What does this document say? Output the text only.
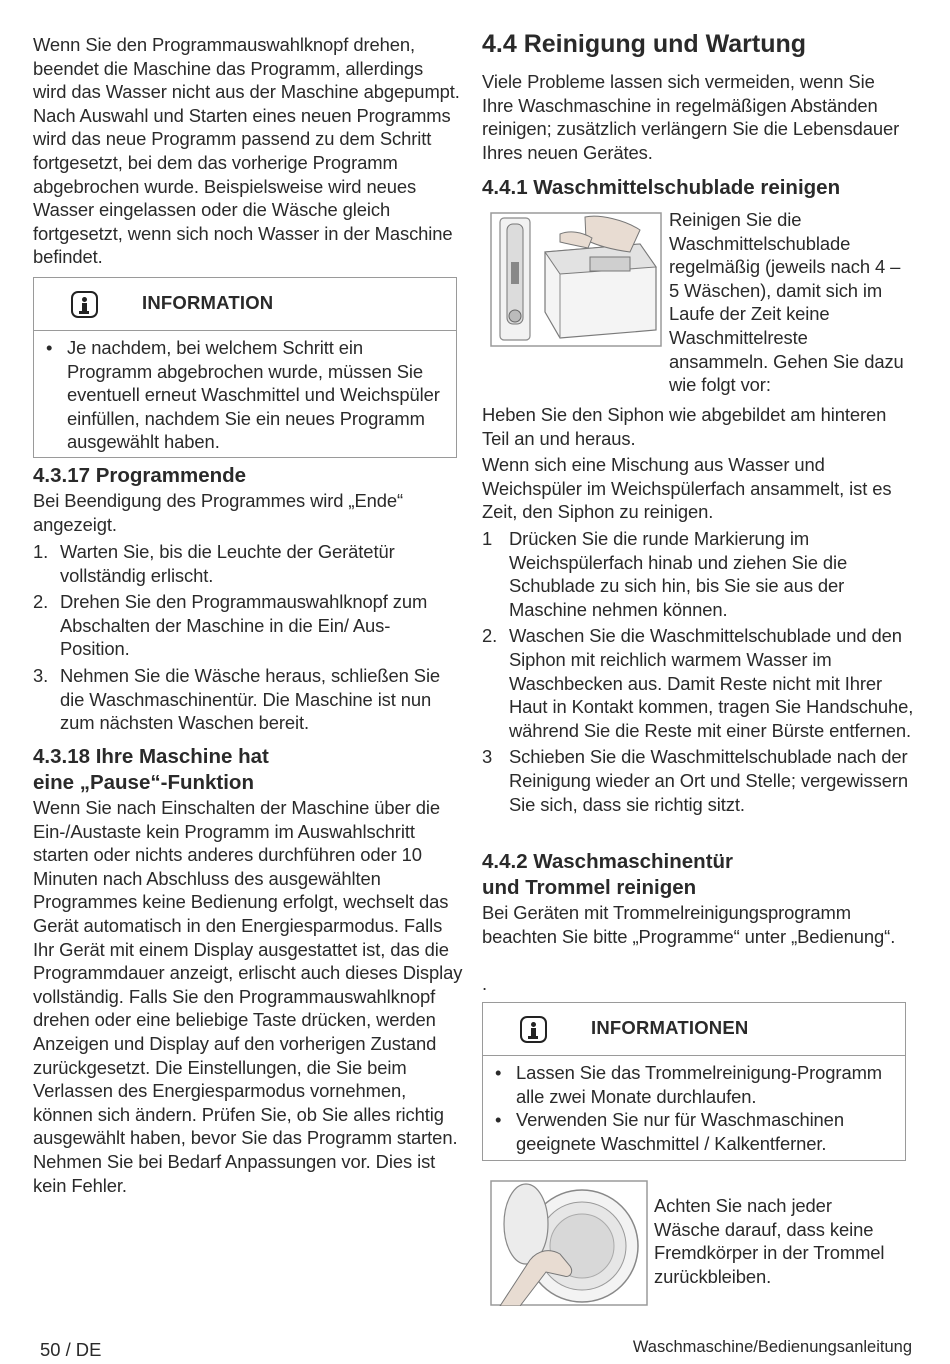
Wenn Sie den Programmauswahlknopf drehen, beendet die Maschine das Programm, allerdings wird das Wasser nicht aus der Maschine abgepumpt. Nach Auswahl und Starten eines neuen Programms wird das neue Programm passend zu dem Schritt fortgesetzt, bei dem das vorherige Programm abgebrochen wurde. Beispielsweise wird neues Wasser eingelassen oder die Wäsche gleich fortgesetzt, wenn sich noch Wasser in der Maschine befindet.

INFORMATION
• Je nachdem, bei welchem Schritt ein Programm abgebrochen wurde, müssen Sie eventuell erneut Waschmittel und Weichspüler einfüllen, nachdem Sie ein neues Programm ausgewählt haben.
4.3.17 Programmende

Bei Beendigung des Programmes wird „Ende“ angezeigt.

1. Warten Sie, bis die Leuchte der Gerätetür vollständig erlischt.
2. Drehen Sie den Programmauswahlknopf zum Abschalten der Maschine in die Ein/ Aus-Position.
3. Nehmen Sie die Wäsche heraus, schließen Sie die Waschmaschinentür. Die Maschine ist nun zum nächsten Waschen bereit.
4.3.18 Ihre Maschine hat
eine „Pause“-Funktion

Wenn Sie nach Einschalten der Maschine über die Ein-/Austaste kein Programm im Auswahlschritt starten oder nichts anderes durchführen oder 10 Minuten nach Abschluss des ausgewählten Programmes keine Bedienung erfolgt, wechselt das Gerät automatisch in den Energiesparmodus. Falls Ihr Gerät mit einem Display ausgestattet ist, das die Programmdauer anzeigt, erlischt auch dieses Display vollständig. Falls Sie den Programmauswahlknopf drehen oder eine beliebige Taste drücken, werden Anzeigen und Display auf den vorherigen Zustand zurückgesetzt. Die Einstellungen, die Sie beim Verlassen des Energiesparmodus vornehmen, können sich ändern. Prüfen Sie, ob Sie alles richtig ausgewählt haben, bevor Sie das Programm starten. Nehmen Sie bei Bedarf Anpassungen vor. Dies ist kein Fehler.

4.4 Reinigung und Wartung

Viele Probleme lassen sich vermeiden, wenn Sie Ihre Waschmaschine in regelmäßigen Abständen reinigen; zusätzlich verlängern Sie die Lebensdauer Ihres neuen Gerätes.

4.4.1 Waschmittelschublade reinigen

Reinigen Sie die Waschmittelschublade regelmäßig (jeweils nach 4 – 5 Wäschen), damit sich im Laufe der Zeit keine Waschmittelreste ansammeln. Gehen Sie dazu wie folgt vor:

Heben Sie den Siphon wie abgebildet am hinteren Teil an und heraus.

Wenn sich eine Mischung aus Wasser und Weichspüler im Weichspülerfach ansammelt, ist es Zeit, den Siphon zu reinigen.

1 Drücken Sie die runde Markierung im Weichspülerfach hinab und ziehen Sie die Schublade zu sich hin, bis Sie sie aus der Maschine nehmen können.
2. Waschen Sie die Waschmittelschublade und den Siphon mit reichlich warmem Wasser im Waschbecken aus. Damit Reste nicht mit Ihrer Haut in Kontakt kommen, tragen Sie Handschuhe, während Sie die Reste mit einer Bürste entfernen.
3 Schieben Sie die Waschmittelschublade nach der Reinigung wieder an Ort und Stelle; vergewissern Sie sich, dass sie richtig sitzt.
4.4.2 Waschmaschinentür
und Trommel reinigen

Bei Geräten mit Trommelreinigungsprogramm beachten Sie bitte „Programme“ unter „Bedienung“.

.

INFORMATIONEN
• Lassen Sie das Trommelreinigung-Programm alle zwei Monate durchlaufen.
• Verwenden Sie nur für Waschmaschinen geeignete Waschmittel / Kalkentferner.

Achten Sie nach jeder Wäsche darauf, dass keine Fremdkörper in der Trommel zurückbleiben.

50 / DE	Waschmaschine/Bedienungsanleitung
